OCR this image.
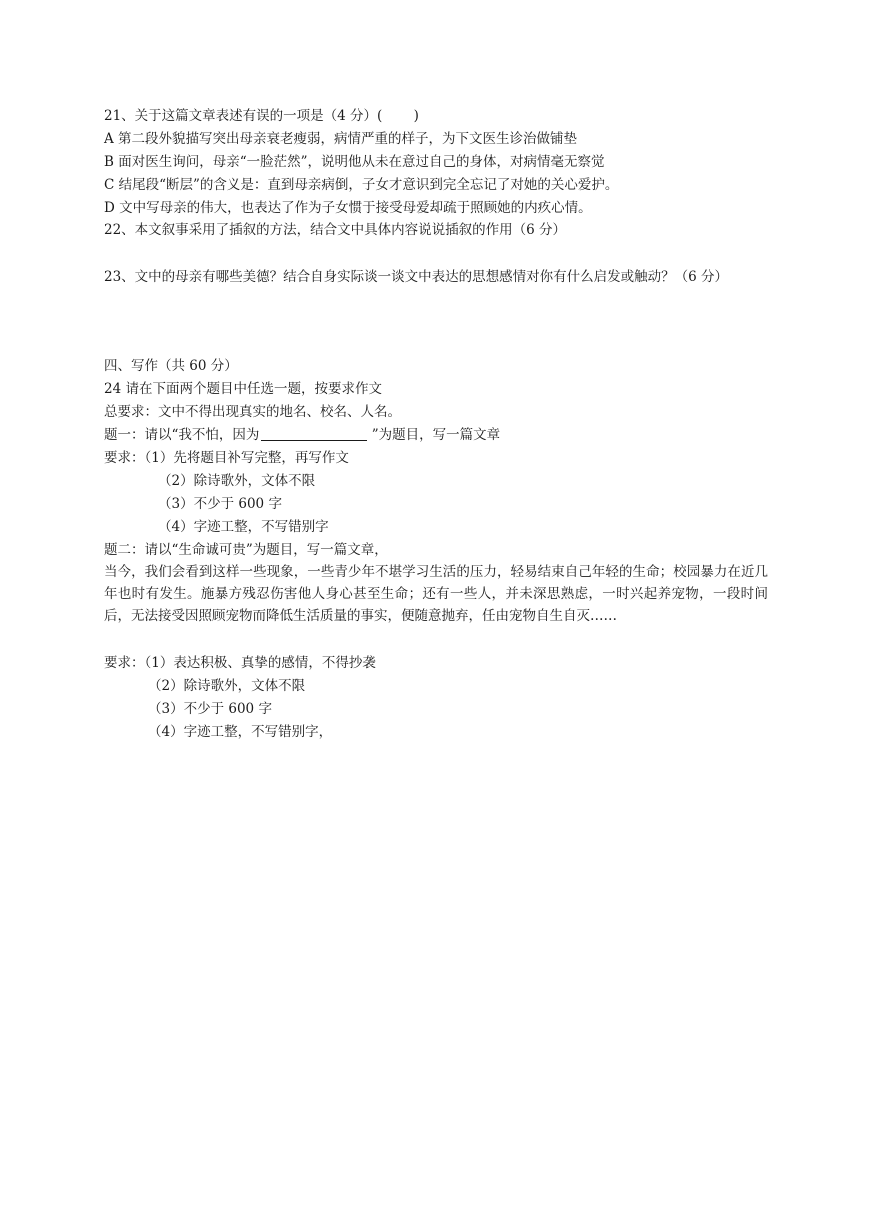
21、关于这篇文章表述有误的一项是（4 分）(　　 )
A 第二段外貌描写突出母亲衰老瘦弱，病情严重的样子，为下文医生诊治做铺垫
B 面对医生询问，母亲“一脸茫然”，说明他从未在意过自己的身体，对病情毫无察觉
C 结尾段“断层”的含义是：直到母亲病倒，子女才意识到完全忘记了对她的关心爱护。
D 文中写母亲的伟大，也表达了作为子女惯于接受母爱却疏于照顾她的内疚心情。
22、本文叙事采用了插叙的方法，结合文中具体内容说说插叙的作用（6 分）
23、文中的母亲有哪些美德？结合自身实际谈一谈文中表达的思想感情对你有什么启发或触动？（6 分）
四、写作（共 60 分）
24 请在下面两个题目中任选一题，按要求作文
总要求：文中不得出现真实的地名、校名、人名。
题一：请以“我不怕，因为	”为题目，写一篇文章
要求：（1）先将题目补写完整，再写作文
（2）除诗歌外，文体不限
（3）不少于 600 字
（4）字迹工整，不写错别字
题二：请以“生命诚可贵”为题目，写一篇文章，
当今，我们会看到这样一些现象，一些青少年不堪学习生活的压力，轻易结束自己年轻的生命；校园暴力在近几年也时有发生。施暴方残忍伤害他人身心甚至生命；还有一些人，并未深思熟虑，一时兴起养宠物，一段时间后，无法接受因照顾宠物而降低生活质量的事实，便随意抛弃，任由宠物自生自灭……
要求：（1）表达积极、真挚的感情，不得抄袭
（2）除诗歌外，文体不限
（3）不少于 600 字
（4）字迹工整，不写错别字，
